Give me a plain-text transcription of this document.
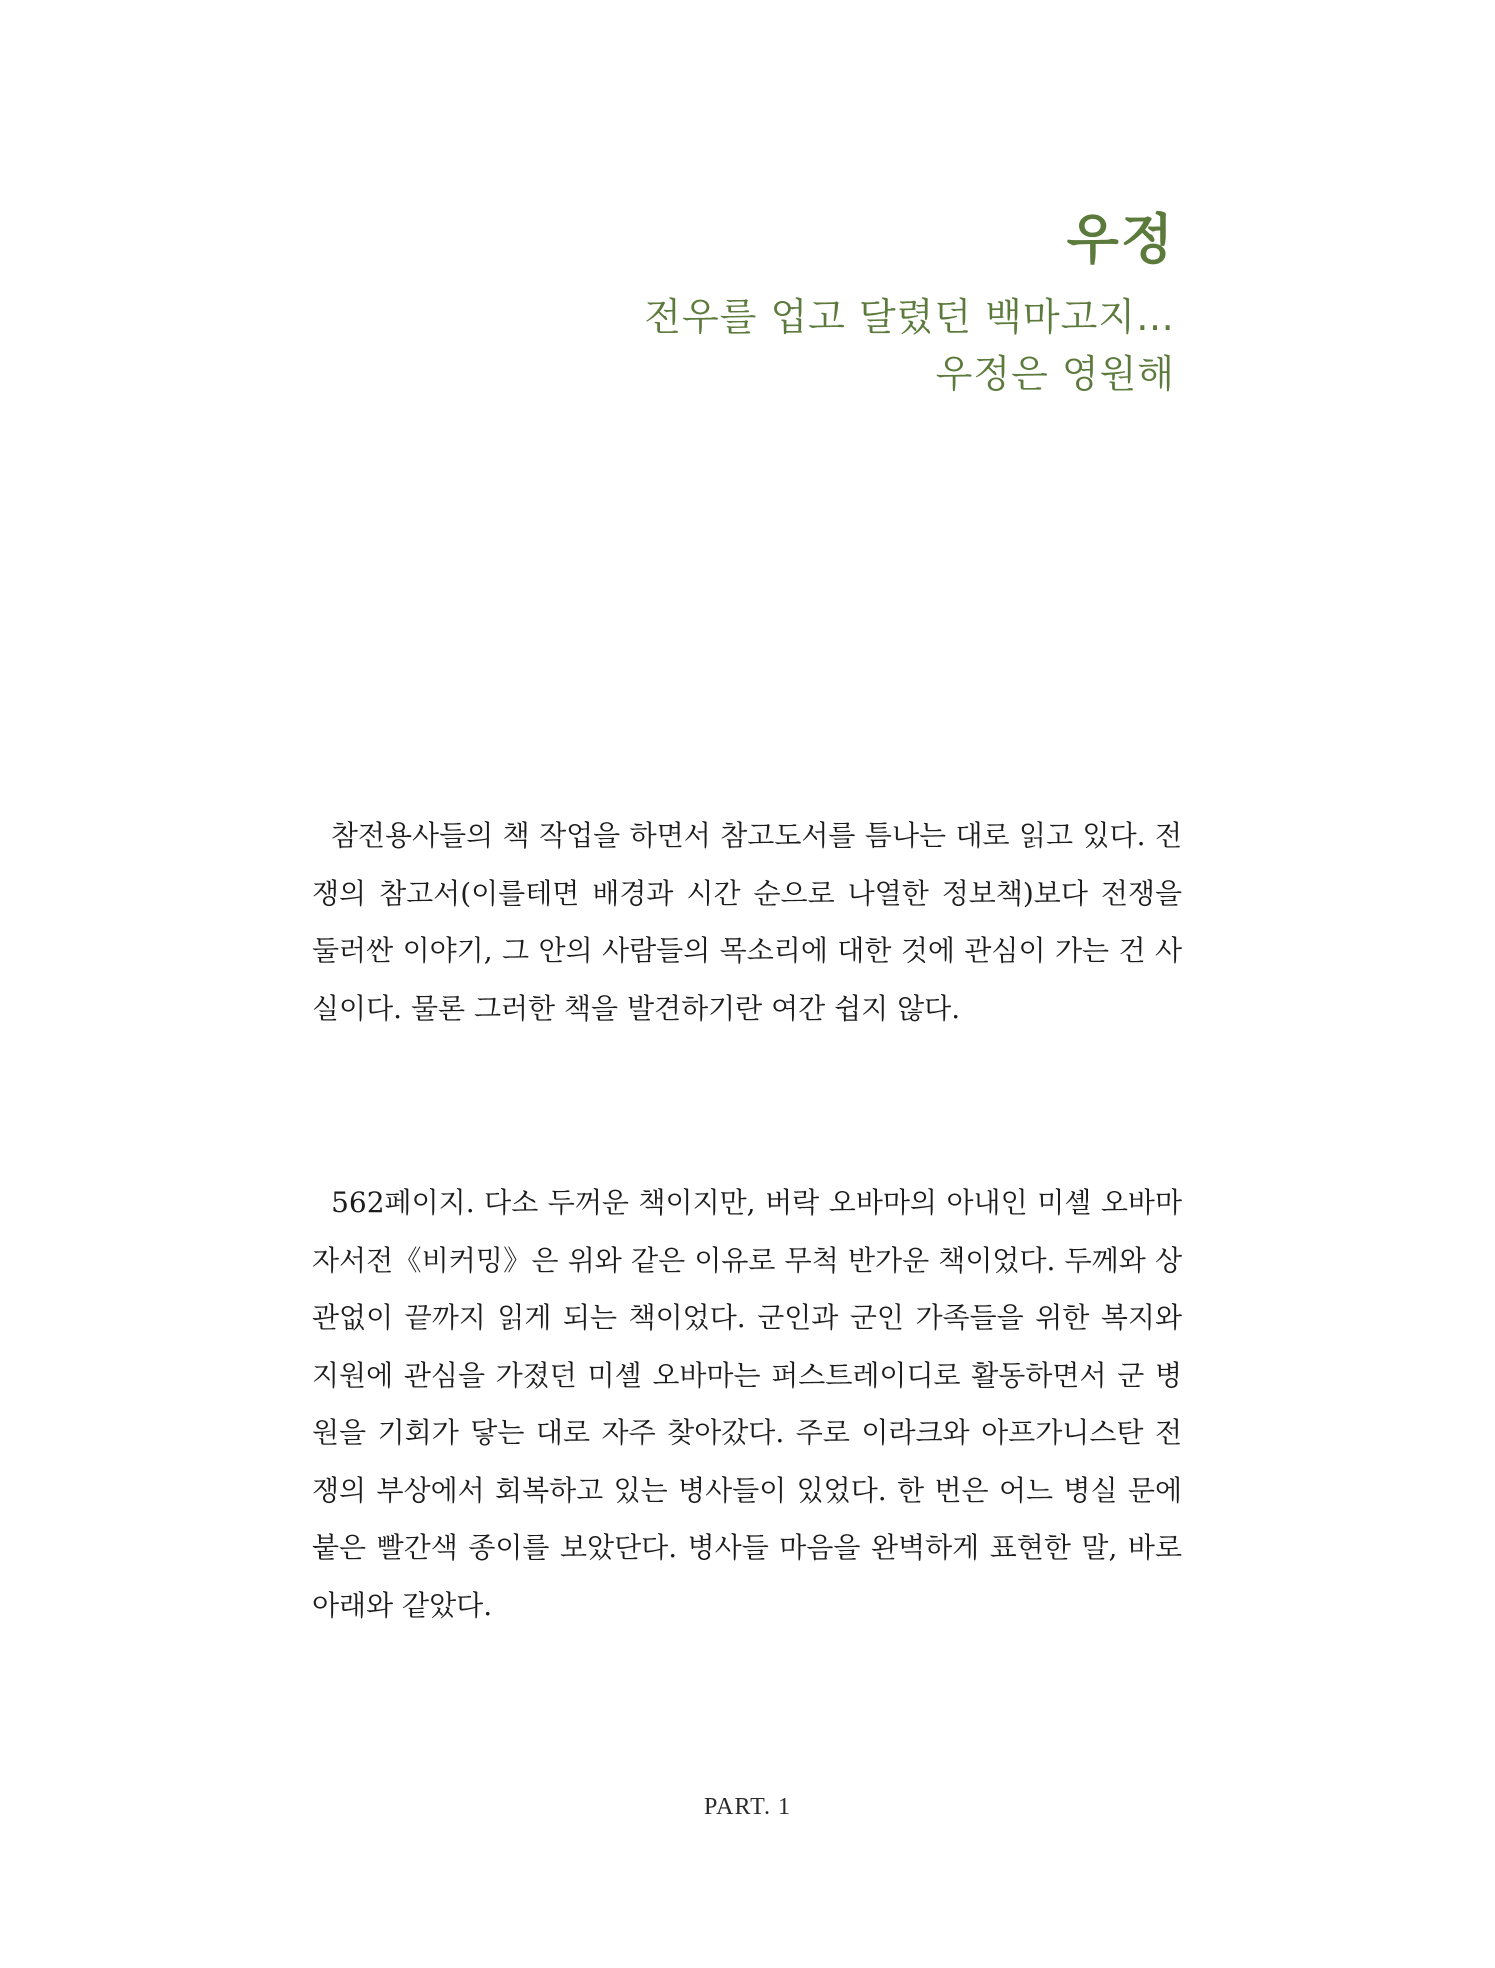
우정
전우를 업고 달렸던 백마고지…
우정은 영원해

참전용사들의 책 작업을 하면서 참고도서를 틈나는 대로 읽고 있다. 전쟁의 참고서(이를테면 배경과 시간 순으로 나열한 정보책)보다 전쟁을 둘러싼 이야기, 그 안의 사람들의 목소리에 대한 것에 관심이 가는 건 사실이다. 물론 그러한 책을 발견하기란 여간 쉽지 않다.

562페이지. 다소 두꺼운 책이지만, 버락 오바마의 아내인 미셸 오바마 자서전《비커밍》은 위와 같은 이유로 무척 반가운 책이었다. 두께와 상관없이 끝까지 읽게 되는 책이었다. 군인과 군인 가족들을 위한 복지와 지원에 관심을 가졌던 미셸 오바마는 퍼스트레이디로 활동하면서 군 병원을 기회가 닿는 대로 자주 찾아갔다. 주로 이라크와 아프가니스탄 전쟁의 부상에서 회복하고 있는 병사들이 있었다. 한 번은 어느 병실 문에 붙은 빨간색 종이를 보았단다. 병사들 마음을 완벽하게 표현한 말, 바로 아래와 같았다.

PART. 1
